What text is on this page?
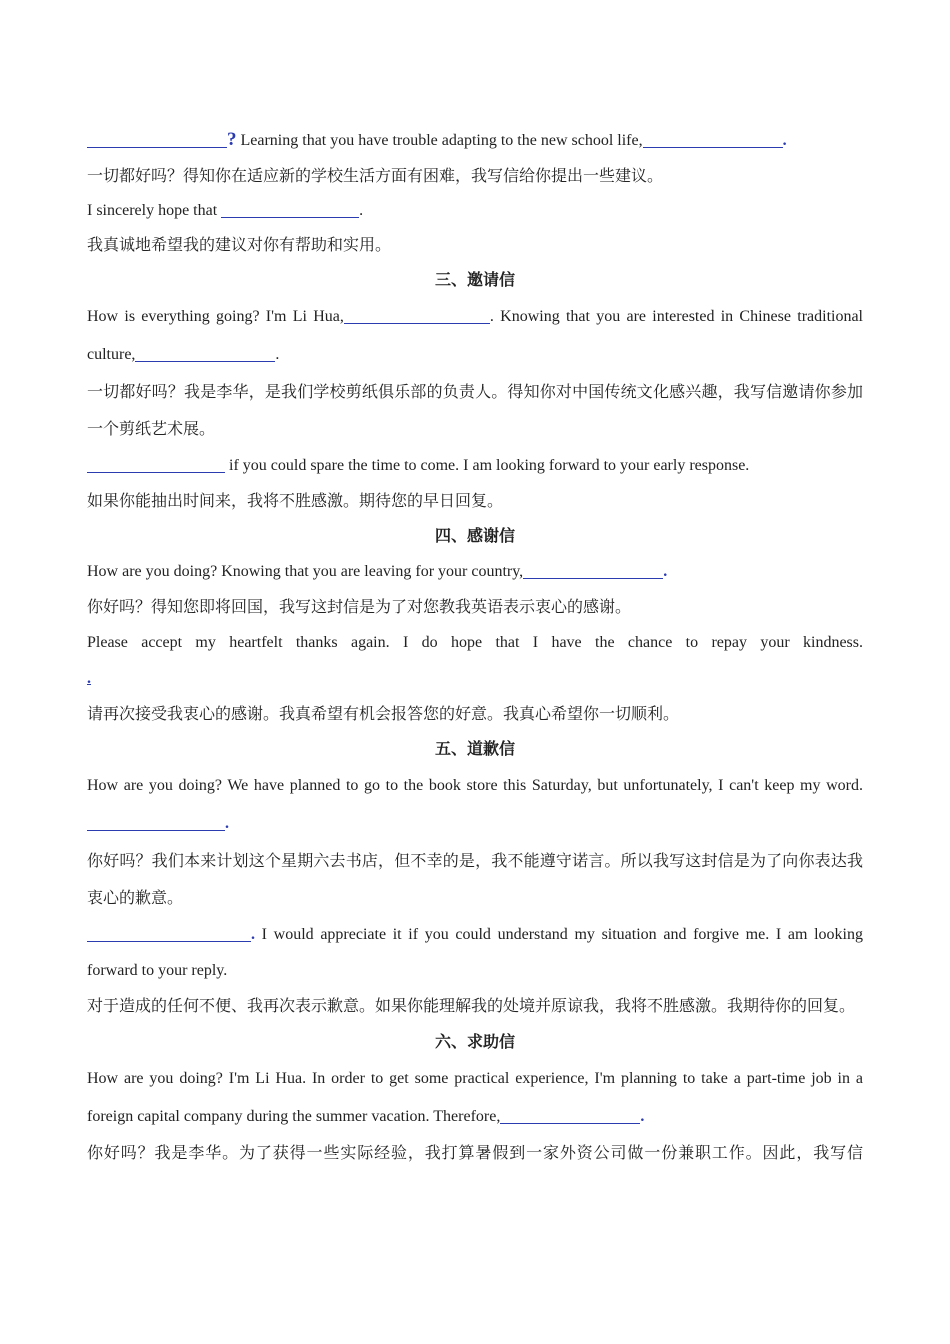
? Learning that you have trouble adapting to the new school life,	.

一切都好吗？得知你在适应新的学校生活方面有困难，我写信给你提出一些建议。

I sincerely hope that	.

我真诚地希望我的建议对你有帮助和实用。

三、邀请信

How is everything going? I'm Li Hua,	. Knowing that you are interested in Chinese traditional culture,	.

一切都好吗？我是李华，是我们学校剪纸俱乐部的负责人。得知你对中国传统文化感兴趣，我写信邀请你参加一个剪纸艺术展。

if you could spare the time to come. I am looking forward to your early response.

如果你能抽出时间来，我将不胜感激。期待您的早日回复。

四、感谢信

How are you doing? Knowing that you are leaving for your country,	.

你好吗？得知您即将回国，我写这封信是为了对您教我英语表示衷心的感谢。

Please accept my heartfelt thanks again. I do hope that I have the chance to repay your kindness.

.

请再次接受我衷心的感谢。我真希望有机会报答您的好意。我真心希望你一切顺利。

五、道歉信

How are you doing? We have planned to go to the book store this Saturday, but unfortunately, I can't keep my word..

你好吗？我们本来计划这个星期六去书店，但不幸的是，我不能遵守诺言。所以我写这封信是为了向你表达我衷心的歉意。

. I would appreciate it if you could understand my situation and forgive me. I am looking forward to your reply.

对于造成的任何不便、我再次表示歉意。如果你能理解我的处境并原谅我，我将不胜感激。我期待你的回复。

六、求助信

How are you doing? I'm Li Hua. In order to get some practical experience, I'm planning to take a part-time job in a foreign capital company during the summer vacation. Therefore,	.

你好吗？我是李华。为了获得一些实际经验，我打算暑假到一家外资公司做一份兼职工作。因此，我写信
